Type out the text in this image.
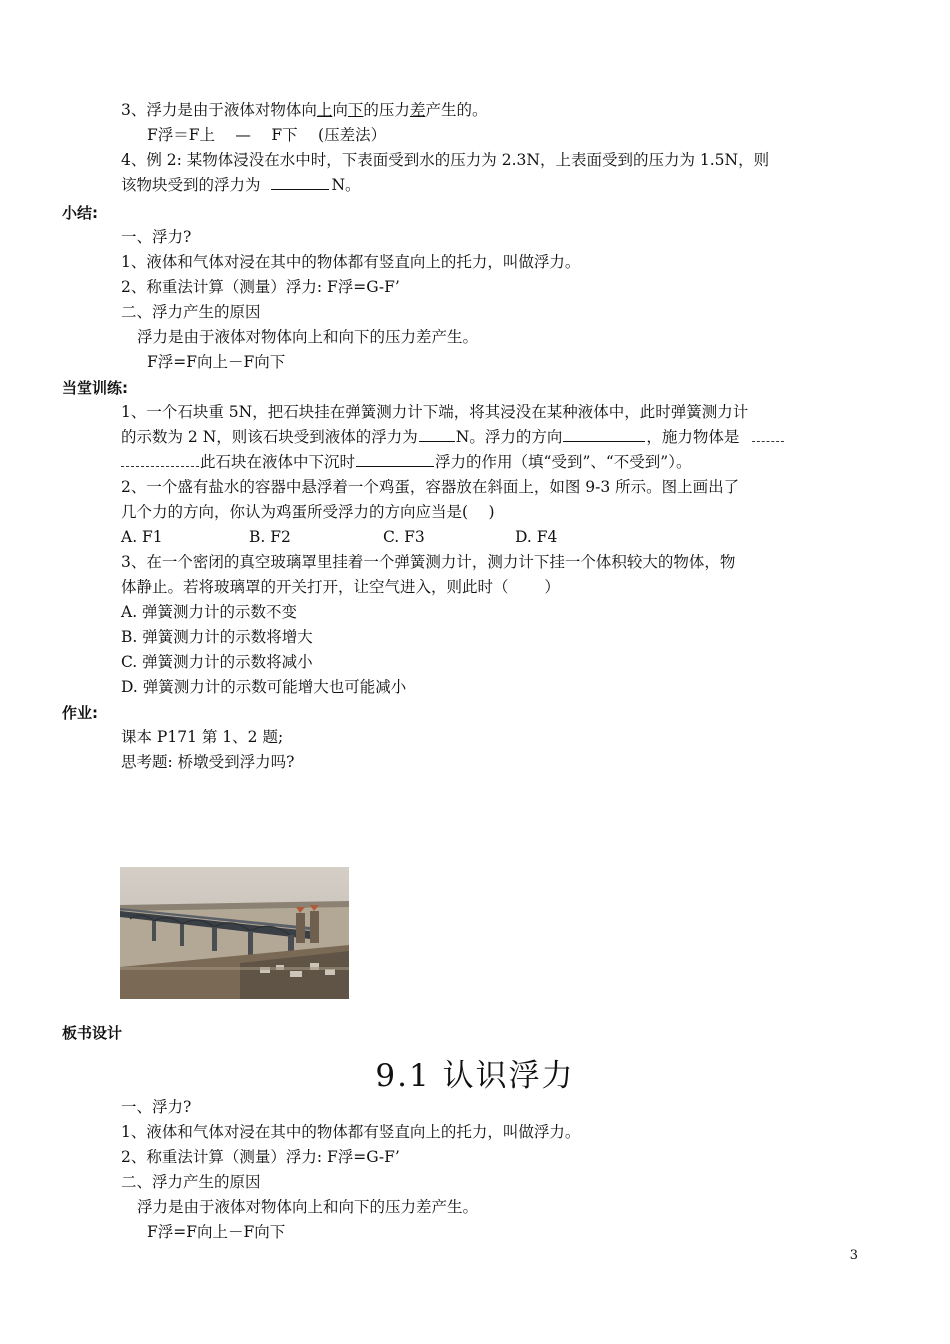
3、浮力是由于液体对物体向上向下的压力差产生的。
F浮＝F上　 —　 F下　 (压差法）
4、例 2: 某物体浸没在水中时，下表面受到水的压力为 2.3N，上表面受到的压力为 1.5N，则
该物块受到的浮力为	N。
小结:
一、浮力?
1、液体和气体对浸在其中的物体都有竖直向上的托力，叫做浮力。
2、称重法计算（测量）浮力: F浮=G-F’
二、浮力产生的原因
浮力是由于液体对物体向上和向下的压力差产生。
F浮=F向上－F向下
当堂训练:
1、一个石块重 5N，把石块挂在弹簧测力计下端，将其浸没在某种液体中，此时弹簧测力计
的示数为 2 N，则该石块受到液体的浮力为 N。浮力的方向	，施力物体是
此石块在液体中下沉时	浮力的作用（填“受到”、“不受到”）。
2、一个盛有盐水的容器中悬浮着一个鸡蛋，容器放在斜面上，如图 9-3 所示。图上画出了
几个力的方向，你认为鸡蛋所受浮力的方向应当是(　 )
A. F1	B. F2	C. F3	D. F4
3、在一个密闭的真空玻璃罩里挂着一个弹簧测力计，测力计下挂一个体积较大的物体，物
体静止。若将玻璃罩的开关打开，让空气进入，则此时（　　 ）
A. 弹簧测力计的示数不变
B. 弹簧测力计的示数将增大
C. 弹簧测力计的示数将减小
D. 弹簧测力计的示数可能增大也可能减小
作业:
课本 P171 第 1、2 题;
思考题: 桥墩受到浮力吗?
板书设计
9.1 认识浮力
一、浮力?
1、液体和气体对浸在其中的物体都有竖直向上的托力，叫做浮力。
2、称重法计算（测量）浮力: F浮=G-F’
二、浮力产生的原因
浮力是由于液体对物体向上和向下的压力差产生。
F浮=F向上－F向下
3
